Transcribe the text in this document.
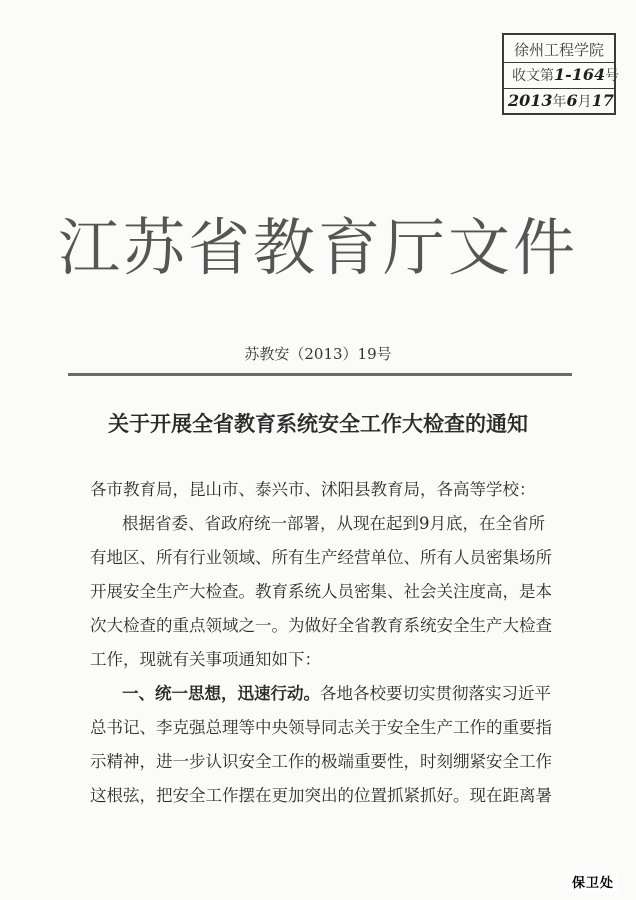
徐州工程学院
收文第1-164号
2013年6月17
江苏省教育厅文件
苏教安（2013）19号
关于开展全省教育系统安全工作大检查的通知
各市教育局，昆山市、泰兴市、沭阳县教育局，各高等学校：
根据省委、省政府统一部署，从现在起到9月底，在全省所
有地区、所有行业领域、所有生产经营单位、所有人员密集场所
开展安全生产大检查。教育系统人员密集、社会关注度高，是本
次大检查的重点领域之一。为做好全省教育系统安全生产大检查
工作，现就有关事项通知如下：
一、统一思想，迅速行动。各地各校要切实贯彻落实习近平
总书记、李克强总理等中央领导同志关于安全生产工作的重要指
示精神，进一步认识安全工作的极端重要性，时刻绷紧安全工作
这根弦，把安全工作摆在更加突出的位置抓紧抓好。现在距离暑
保卫处
